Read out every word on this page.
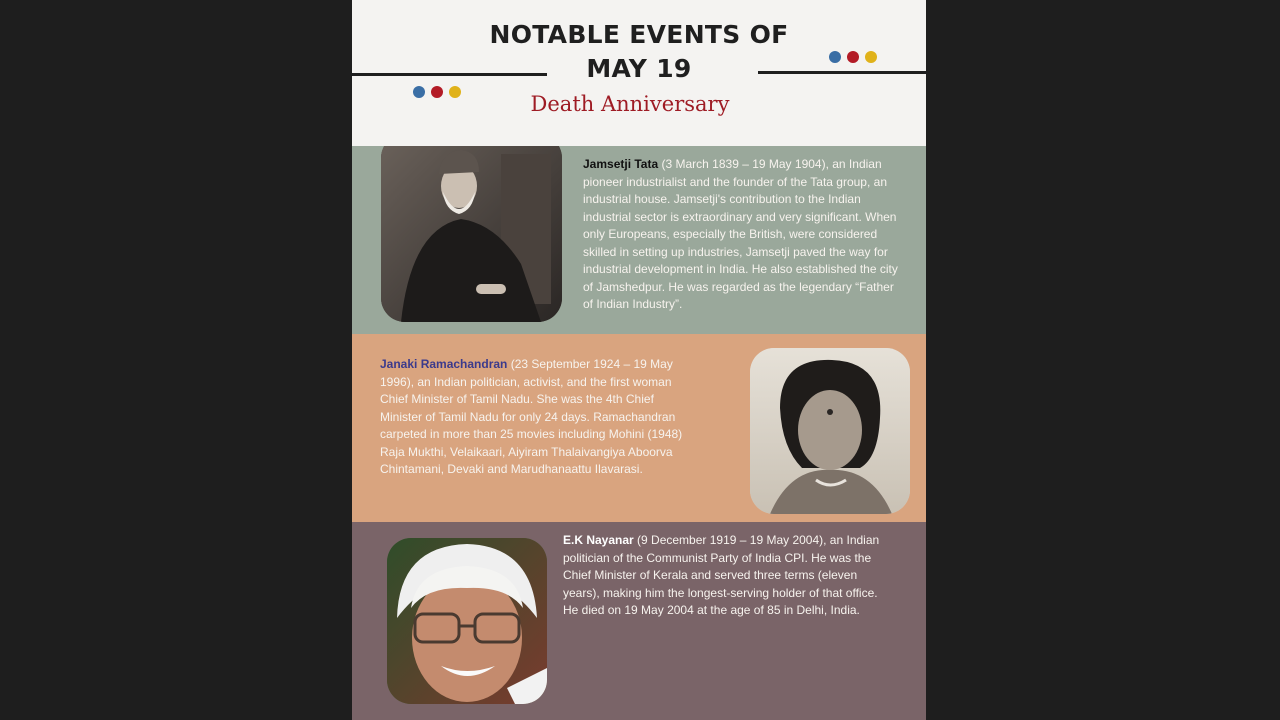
NOTABLE EVENTS OF
MAY 19
Death Anniversary
Jamsetji Tata (3 March 1839 – 19 May 1904), an Indian
pioneer industrialist and the founder of the Tata group, an
industrial house. Jamsetji's contribution to the Indian
industrial sector is extraordinary and very significant. When
only Europeans, especially the British, were considered
skilled in setting up industries, Jamsetji paved the way for
industrial development in India. He also established the city
of Jamshedpur. He was regarded as the legendary “Father
of Indian Industry”.
Janaki Ramachandran (23 September 1924 – 19 May
1996), an Indian politician, activist, and the first woman
Chief Minister of Tamil Nadu. She was the 4th Chief
Minister of Tamil Nadu for only 24 days. Ramachandran
carpeted in more than 25 movies including Mohini (1948)
Raja Mukthi, Velaikaari, Aiyiram Thalaivangiya Aboorva
Chintamani, Devaki and Marudhanaattu Ilavarasi.
E.K Nayanar (9 December 1919 – 19 May 2004), an Indian
politician of the Communist Party of India CPI. He was the
Chief Minister of Kerala and served three terms (eleven
years), making him the longest-serving holder of that office.
He died on 19 May 2004 at the age of 85 in Delhi, India.
